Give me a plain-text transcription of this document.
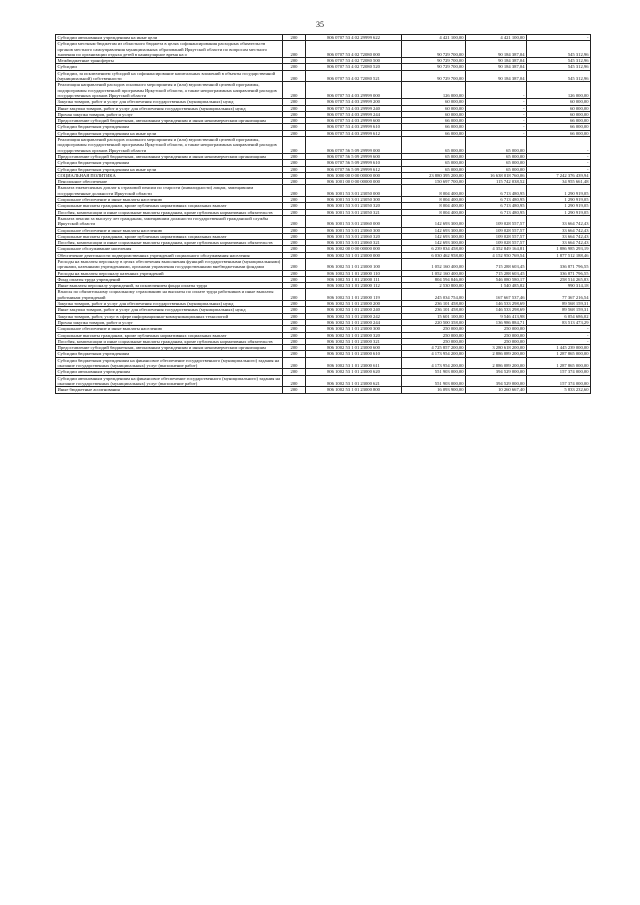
35
Субсидии автономным учреждениям на иные цели	200	806 0707 53 4 02 29999 622	4 421 100,00	4 421 100,00	-
Субсидии местным бюджетам из областного бюджета в целях софинансирования расходных обязательств органов местного самоуправления муниципальных образований Иркутской области по вопросам местного значения по организации отдыха детей в каникулярное время на о	200	806 0707 53 4 02 72080 000	90 729 700,00	90 184 387,04	545 312,96
Межбюджетные трансферты	200	806 0707 53 4 02 72080 500	90 729 700,00	90 184 387,04	545 312,96
Субсидии	200	806 0707 53 4 02 72080 520	90 729 700,00	90 184 387,04	545 312,96
Субсидии, за исключением субсидий на софинансирование капитальных вложений в объекты государственной (муниципальной) собственности	200	806 0707 53 4 02 72080 521	90 729 700,00	90 184 387,04	545 312,96
Реализация направлений расходов основного мероприятия и (или) ведомственной целевой программы, подпрограммы государственной программы Иркутской области, а также непрограммных направлений расходов государственных органов Иркутской области	200	806 0707 53 4 03 29999 000	126 000,00	-	126 000,00
Закупка товаров, работ и услуг для обеспечения государственных (муниципальных) нужд	200	806 0707 53 4 03 29999 200	60 000,00	-	60 000,00
Иные закупки товаров, работ и услуг для обеспечения государственных (муниципальных) нужд	200	806 0707 53 4 03 29999 240	60 000,00	-	60 000,00
Прочая закупка товаров, работ и услуг	200	806 0707 53 4 03 29999 244	60 000,00	-	60 000,00
Предоставление субсидий бюджетным, автономным учреждениям и иным некоммерческим организациям	200	806 0707 53 4 03 29999 600	66 000,00	-	66 000,00
Субсидии бюджетным учреждениям	200	806 0707 53 4 03 29999 610	66 000,00	-	66 000,00
Субсидии бюджетным учреждениям на иные цели	200	806 0707 53 4 03 29999 612	66 000,00	-	66 000,00
Реализация направлений расходов основного мероприятия и (или) ведомственной целевой программы, подпрограммы государственной программы Иркутской области, а также непрограммных направлений расходов государственных органов Иркутской области	200	806 0707 56 5 09 29999 000	65 000,00	65 000,00	-
Предоставление субсидий бюджетным, автономным учреждениям и иным некоммерческим организациям	200	806 0707 56 5 09 29999 600	65 000,00	65 000,00	-
Субсидии бюджетным учреждениям	200	806 0707 56 5 09 29999 610	65 000,00	65 000,00	-
Субсидии бюджетным учреждениям на иные цели	200	806 0707 56 5 09 29999 612	65 000,00	65 000,00	-
СОЦИАЛЬНАЯ ПОЛИТИКА	200	806 1000 00 0 00 00000 000	23 880 395 200,00	16 638 018 760,06	7 242 376 439,94
Пенсионное обеспечение	200	806 1001 00 0 00 00000 000	150 697 700,00	115 742 038,52	34 955 661,48
Выплата ежемесячных доплат к страховой пенсии по старости (инвалидности) лицам, замещавшим государственные должности Иркутской области	200	806 1001 53 3 01 23050 000	8 004 400,00	6 713 480,95	1 290 919,05
Социальное обеспечение и иные выплаты населению	200	806 1001 53 3 01 23050 300	8 004 400,00	6 713 480,95	1 290 919,05
Социальные выплаты гражданам, кроме публичных нормативных социальных выплат	200	806 1001 53 3 01 23050 320	8 004 400,00	6 713 480,95	1 290 919,05
Пособия, компенсации и иные социальные выплаты гражданам, кроме публичных нормативных обязательств	200	806 1001 53 3 01 23050 321	8 004 400,00	6 713 480,95	1 290 919,05
Выплата пенсии за выслугу лет гражданам, замещавшим должности государственной гражданской службы Иркутской области	200	806 1001 53 3 01 23060 000	142 693 300,00	109 028 557,57	33 664 742,43
Социальное обеспечение и иные выплаты населению	200	806 1001 53 3 01 23060 300	142 693 300,00	109 028 557,57	33 664 742,43
Социальные выплаты гражданам, кроме публичных нормативных социальных выплат	200	806 1001 53 3 01 23060 320	142 693 300,00	109 028 557,57	33 664 742,43
Пособия, компенсации и иные социальные выплаты гражданам, кроме публичных нормативных обязательств	200	806 1001 53 3 01 23060 321	142 693 300,00	109 028 557,57	33 664 742,43
Социальное обслуживание населения	200	806 1002 00 0 00 00000 000	6 239 834 458,00	4 352 849 164,81	1 886 985 293,19
Обеспечение деятельности подведомственных учреждений социального обслуживания населения	200	806 1002 53 1 01 23000 000	6 030 462 958,00	4 152 950 769,54	1 877 512 188,46
Расходы на выплаты персоналу в целях обеспечения выполнения функций государственными (муниципальными) органами, казенными учреждениями, органами управления государственными внебюджетными фондами	200	806 1002 53 1 01 23000 100	1 052 160 400,00	715 288 603,45	336 871 796,55
Расходы на выплаты персоналу казенных учреждений	200	806 1002 53 1 01 23000 110	1 052 160 400,00	715 288 603,45	336 871 796,55
Фонд оплаты труда учреждений	200	806 1002 53 1 01 23000 111	804 594 846,00	546 080 580,17	258 514 265,83
Иные выплаты персоналу учреждений, за исключением фонда оплаты труда	200	806 1002 53 1 01 23000 112	2 530 800,00	1 540 485,82	990 314,18
Взносы по обязательному социальному страхованию на выплаты по оплате труда работников и иные выплаты работникам учреждений	200	806 1002 53 1 01 23000 119	245 034 754,00	167 667 537,46	77 367 216,54
Закупка товаров, работ и услуг для обеспечения государственных (муниципальных) нужд	200	806 1002 53 1 01 23000 200	236 101 458,00	146 533 298,69	89 568 159,31
Иные закупки товаров, работ и услуг для обеспечения государственных (муниципальных) нужд	200	806 1002 53 1 01 23000 240	236 101 458,00	146 533 298,69	89 568 159,31
Закупка товаров, работ, услуг в сфере информационно-коммуникационных технологий	200	806 1002 53 1 01 23000 242	15 601 100,00	9 546 413,98	6 054 686,02
Прочая закупка товаров, работ и услуг	200	806 1002 53 1 01 23000 244	220 500 358,00	136 986 884,71	83 513 473,29
Социальное обеспечение и иные выплаты населению	200	806 1002 53 1 01 23000 300	250 000,00	250 000,00	-
Социальные выплаты гражданам, кроме публичных нормативных социальных выплат	200	806 1002 53 1 01 23000 320	250 000,00	250 000,00	-
Пособия, компенсации и иные социальные выплаты гражданам, кроме публичных нормативных обязательств	200	806 1002 53 1 01 23000 321	250 000,00	250 000,00	-
Предоставление субсидий бюджетным, автономным учреждениям и иным некоммерческим организациям	200	806 1002 53 1 01 23000 600	4 725 857 200,00	3 280 618 200,00	1 445 239 000,00
Субсидии бюджетным учреждениям	200	806 1002 53 1 01 23000 610	4 173 954 200,00	2 886 089 200,00	1 287 865 000,00
Субсидии бюджетным учреждениям на финансовое обеспечение государственного (муниципального) задания на оказание государственных (муниципальных) услуг (выполнение работ)	200	806 1002 53 1 01 23000 611	4 173 954 200,00	2 886 089 200,00	1 287 865 000,00
Субсидии автономным учреждениям	200	806 1002 53 1 01 23000 620	551 903 000,00	394 529 000,00	157 374 000,00
Субсидии автономным учреждениям на финансовое обеспечение государственного (муниципального) задания на оказание государственных (муниципальных) услуг (выполнение работ)	200	806 1002 53 1 01 23000 621	551 903 000,00	394 529 000,00	157 374 000,00
Иные бюджетные ассигнования	200	806 1002 53 1 01 23000 800	16 093 900,00	10 260 667,40	5 833 232,60
